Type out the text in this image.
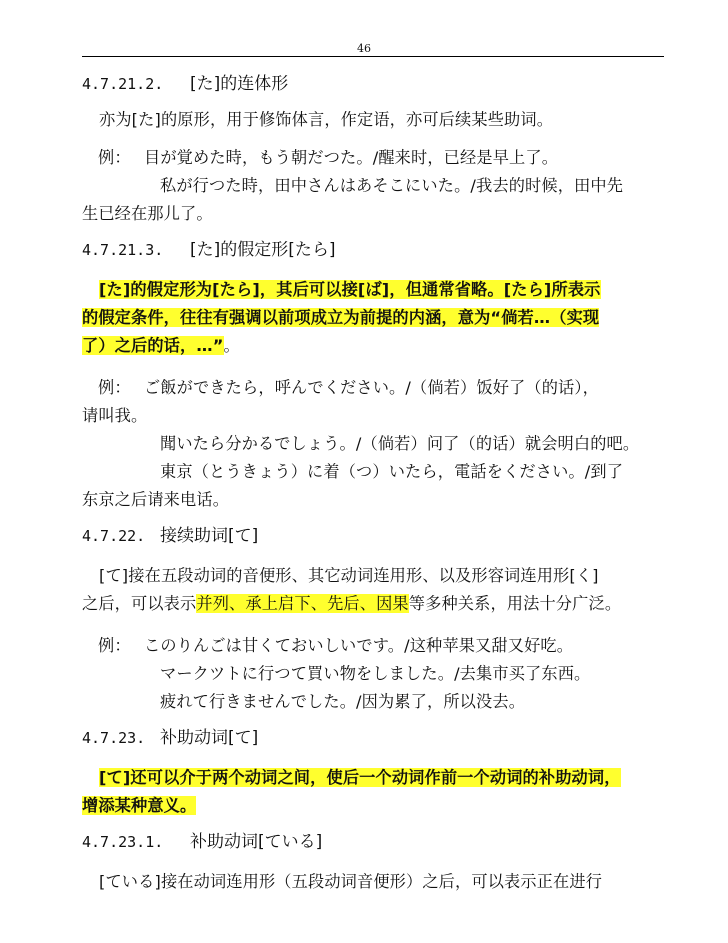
46

4.7.21.2. [た]的连体形

亦为[た]的原形，用于修饰体言，作定语，亦可后续某些助词。

例： 目が覚めた時，もう朝だつた。/醒来时，已经是早上了。

私が行つた時，田中さんはあそこにいた。/我去的时候，田中先

生已经在那儿了。

4.7.21.3. [た]的假定形[たら]

[た]的假定形为[たら]，其后可以接[ば]，但通常省略。[たら]所表示

的假定条件，往往有强调以前项成立为前提的内涵，意为“倘若…（实现

了）之后的话，…”。

例： ご飯ができたら，呼んでください。/（倘若）饭好了（的话），

请叫我。

聞いたら分かるでしょう。/（倘若）问了（的话）就会明白的吧。

東京（とうきょう）に着（つ）いたら，電話をください。/到了

东京之后请来电话。

4.7.22. 接续助词[て]

[て]接在五段动词的音便形、其它动词连用形、以及形容词连用形[く]

之后，可以表示并列、承上启下、先后、因果等多种关系，用法十分广泛。

例： このりんごは甘くておいしいです。/这种苹果又甜又好吃。

マークツトに行つて買い物をしました。/去集市买了东西。

疲れて行きませんでした。/因为累了，所以没去。

4.7.23. 补助动词[て]

[て]还可以介于两个动词之间，使后一个动词作前一个动词的补助动词，

增添某种意义。

4.7.23.1. 补助动词[ている]

[ている]接在动词连用形（五段动词音便形）之后，可以表示正在进行
